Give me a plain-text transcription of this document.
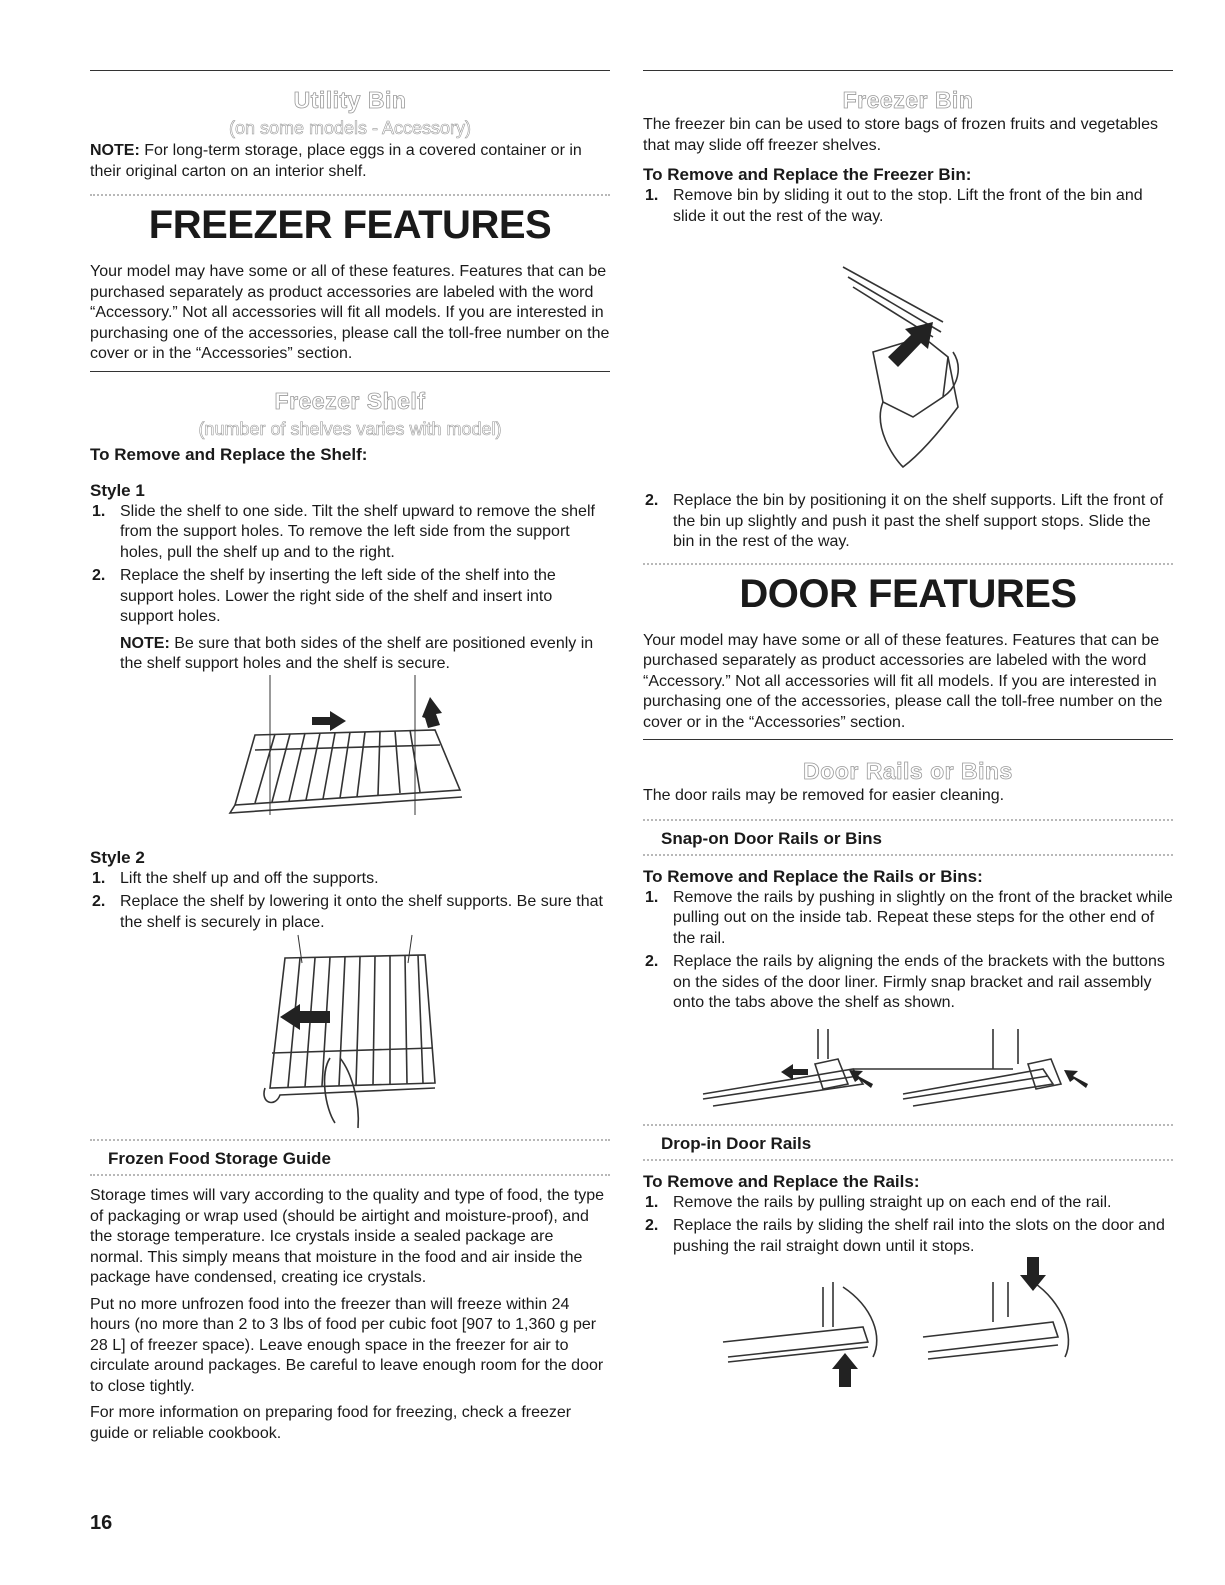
Utility Bin
(on some models - Accessory)

NOTE: For long-term storage, place eggs in a covered container or in their original carton on an interior shelf.

FREEZER FEATURES

Your model may have some or all of these features. Features that can be purchased separately as product accessories are labeled with the word “Accessory.” Not all accessories will fit all models. If you are interested in purchasing one of the accessories, please call the toll-free number on the cover or in the “Accessories” section.

Freezer Shelf
(number of shelves varies with model)

To Remove and Replace the Shelf:

Style 1

1. Slide the shelf to one side. Tilt the shelf upward to remove the shelf from the support holes. To remove the left side from the support holes, pull the shelf up and to the right.
2. Replace the shelf by inserting the left side of the shelf into the support holes. Lower the right side of the shelf and insert into support holes.
NOTE: Be sure that both sides of the shelf are positioned evenly in the shelf support holes and the shelf is secure.

Style 2

1. Lift the shelf up and off the supports.
2. Replace the shelf by lowering it onto the shelf supports. Be sure that the shelf is securely in place.

Frozen Food Storage Guide

Storage times will vary according to the quality and type of food, the type of packaging or wrap used (should be airtight and moisture-proof), and the storage temperature. Ice crystals inside a sealed package are normal. This simply means that moisture in the food and air inside the package have condensed, creating ice crystals.

Put no more unfrozen food into the freezer than will freeze within 24 hours (no more than 2 to 3 lbs of food per cubic foot [907 to 1,360 g per 28 L] of freezer space). Leave enough space in the freezer for air to circulate around packages. Be careful to leave enough room for the door to close tightly.

For more information on preparing food for freezing, check a freezer guide or reliable cookbook.

Freezer Bin

The freezer bin can be used to store bags of frozen fruits and vegetables that may slide off freezer shelves.

To Remove and Replace the Freezer Bin:

1. Remove bin by sliding it out to the stop. Lift the front of the bin and slide it out the rest of the way.
2. Replace the bin by positioning it on the shelf supports. Lift the front of the bin up slightly and push it past the shelf support stops. Slide the bin in the rest of the way.
DOOR FEATURES

Your model may have some or all of these features. Features that can be purchased separately as product accessories are labeled with the word “Accessory.” Not all accessories will fit all models. If you are interested in purchasing one of the accessories, please call the toll-free number on the cover or in the “Accessories” section.

Door Rails or Bins

The door rails may be removed for easier cleaning.

Snap-on Door Rails or Bins

To Remove and Replace the Rails or Bins:

1. Remove the rails by pushing in slightly on the front of the bracket while pulling out on the inside tab. Repeat these steps for the other end of the rail.
2. Replace the rails by aligning the ends of the brackets with the buttons on the sides of the door liner. Firmly snap bracket and rail assembly onto the tabs above the shelf as shown.

Drop-in Door Rails

To Remove and Replace the Rails:

1. Remove the rails by pulling straight up on each end of the rail.
2. Replace the rails by sliding the shelf rail into the slots on the door and pushing the rail straight down until it stops.
16
